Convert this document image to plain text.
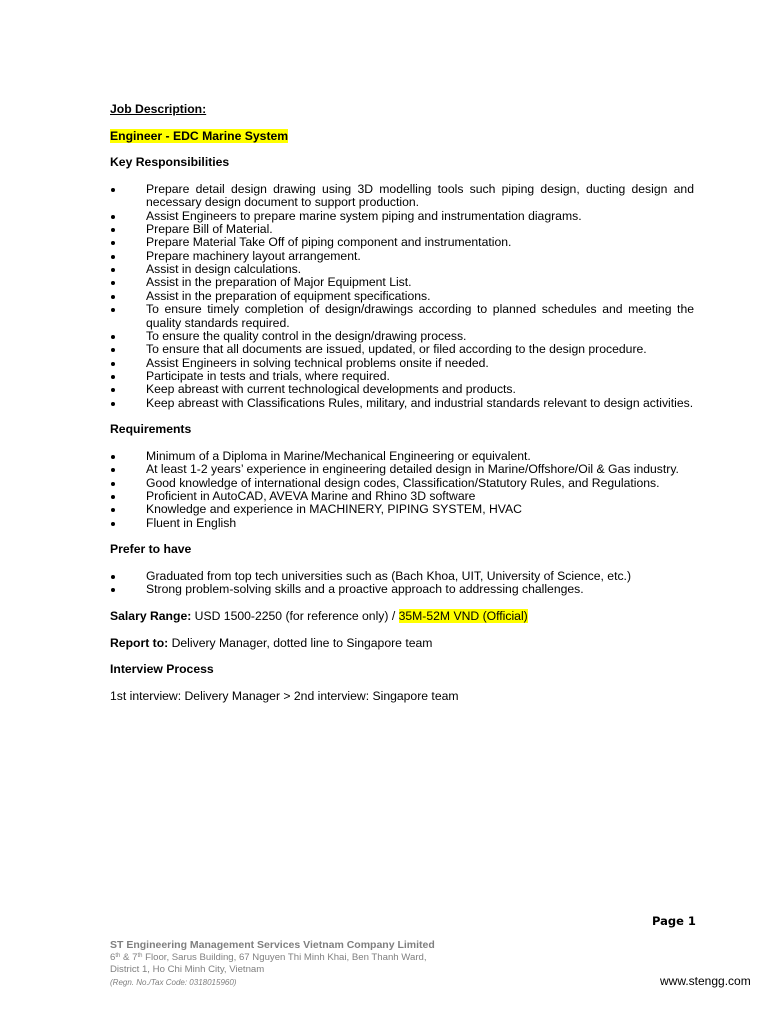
Job Description:

Engineer - EDC Marine System

Key Responsibilities

Prepare detail design drawing using 3D modelling tools such piping design, ducting design and necessary design document to support production.
Assist Engineers to prepare marine system piping and instrumentation diagrams.
Prepare Bill of Material.
Prepare Material Take Off of piping component and instrumentation.
Prepare machinery layout arrangement.
Assist in design calculations.
Assist in the preparation of Major Equipment List.
Assist in the preparation of equipment specifications.
To ensure timely completion of design/drawings according to planned schedules and meeting the quality standards required.
To ensure the quality control in the design/drawing process.
To ensure that all documents are issued, updated, or filed according to the design procedure.
Assist Engineers in solving technical problems onsite if needed.
Participate in tests and trials, where required.
Keep abreast with current technological developments and products.
Keep abreast with Classifications Rules, military, and industrial standards relevant to design activities.

Requirements

Minimum of a Diploma in Marine/Mechanical Engineering or equivalent.
At least 1-2 years’ experience in engineering detailed design in Marine/Offshore/Oil & Gas industry.
Good knowledge of international design codes, Classification/Statutory Rules, and Regulations.
Proficient in AutoCAD, AVEVA Marine and Rhino 3D software
Knowledge and experience in MACHINERY, PIPING SYSTEM, HVAC
Fluent in English

Prefer to have

Graduated from top tech universities such as (Bach Khoa, UIT, University of Science, etc.)
Strong problem-solving skills and a proactive approach to addressing challenges.

Salary Range: USD 1500-2250 (for reference only) / 35M-52M VND (Official)

Report to: Delivery Manager, dotted line to Singapore team

Interview Process

1st interview: Delivery Manager > 2nd interview: Singapore team

Page 1
ST Engineering Management Services Vietnam Company Limited
6th & 7th Floor, Sarus Building, 67 Nguyen Thi Minh Khai, Ben Thanh Ward,
District 1, Ho Chi Minh City, Vietnam
(Regn. No./Tax Code: 0318015960)	www.stengg.com
